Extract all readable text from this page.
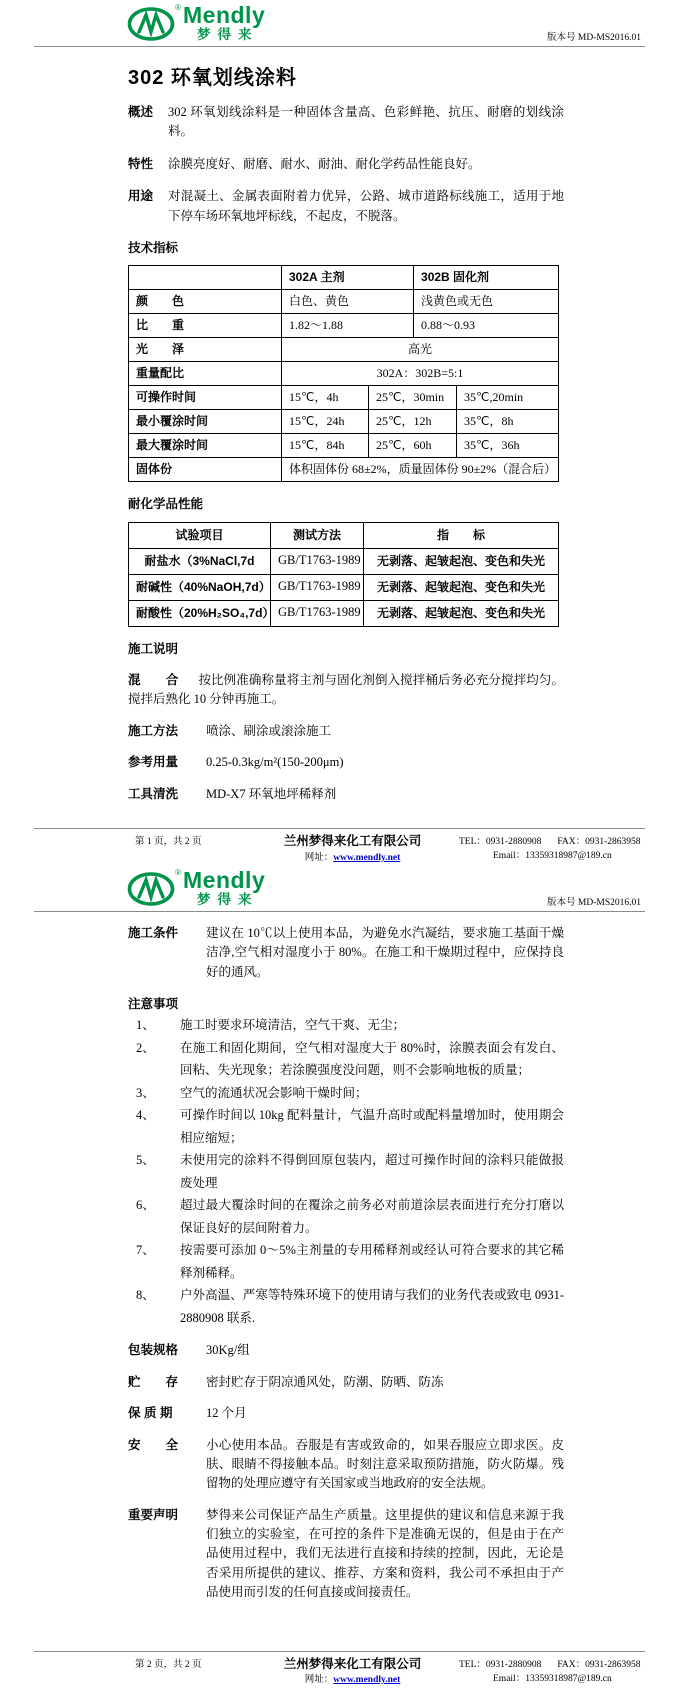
® Mendly
梦得来	版本号 MD-MS2016.01
302 环氧划线涂料
概述	302 环氧划线涂料是一种固体含量高、色彩鲜艳、抗压、耐磨的划线涂料。
特性	涂膜亮度好、耐磨、耐水、耐油、耐化学药品性能良好。
用途	对混凝土、金属表面附着力优异，公路、城市道路标线施工，适用于地下停车场环氧地坪标线，不起皮，不脱落。
技术指标
	302A 主剂		302B 固化剂	
颜　　色	白色、黄色		浅黄色或无色	
比　　重	1.82～1.88		0.88～0.93	
光　　泽	高光			
重量配比	302A：302B=5:1			
可操作时间	15℃，4h	25℃，30min		35℃,20min
最小覆涂时间	15℃，24h	25℃，12h		35℃，8h
最大覆涂时间	15℃，84h	25℃，60h		35℃，36h
固体份	体积固体份 68±2%，质量固体份 90±2%（混合后）			
耐化学品性能
试验项目	测试方法	指　　标
耐盐水（3%NaCl,7d	GB/T1763-1989	无剥落、起皱起泡、变色和失光
耐碱性（40%NaOH,7d）	GB/T1763-1989	无剥落、起皱起泡、变色和失光
耐酸性（20%H₂SO₄,7d）	GB/T1763-1989	无剥落、起皱起泡、变色和失光
施工说明
混　　合 按比例准确称量将主剂与固化剂倒入搅拌桶后务必充分搅拌均匀。搅拌后熟化 10 分钟再施工。
施工方法	喷涂、刷涂或滚涂施工
参考用量	0.25-0.3kg/m²(150-200μm)
工具清洗	MD-X7 环氧地坪稀释剂
第 1 页，共 2 页	兰州梦得来化工有限公司
网址：www.mendly.net
TEL：0931-2880908 FAX：0931-2863958
Email：13359318987@189.cn
® Mendly
梦得来	版本号 MD-MS2016.01
施工条件	建议在 10℃以上使用本品，为避免水汽凝结，要求施工基面干燥洁净,空气相对湿度小于 80%。在施工和干燥期过程中，应保持良好的通风。
注意事项
1、	施工时要求环境清洁，空气干爽、无尘；
2、	在施工和固化期间，空气相对湿度大于 80%时，涂膜表面会有发白、回粘、失光现象；若涂膜强度没问题，则不会影响地板的质量；
3、	空气的流通状况会影响干燥时间；
4、	可操作时间以 10kg 配料量计，气温升高时或配料量增加时，使用期会相应缩短；
5、	未使用完的涂料不得倒回原包装内，超过可操作时间的涂料只能做报废处理
6、	超过最大覆涂时间的在覆涂之前务必对前道涂层表面进行充分打磨以保证良好的层间附着力。
7、	按需要可添加 0～5%主剂量的专用稀释剂或经认可符合要求的其它稀释剂稀释。
8、	户外高温、严寒等特殊环境下的使用请与我们的业务代表或致电 0931-2880908 联系.
包装规格	30Kg/组
贮　　存	密封贮存于阴凉通风处，防潮、防晒、防冻
保 质 期	12 个月
安　　全	小心使用本品。吞服是有害或致命的，如果吞服应立即求医。皮肤、眼睛不得接触本品。时刻注意采取预防措施，防火防爆。残留物的处理应遵守有关国家或当地政府的安全法规。
重要声明	梦得来公司保证产品生产质量。这里提供的建议和信息来源于我们独立的实验室，在可控的条件下是准确无误的，但是由于在产品使用过程中，我们无法进行直接和持续的控制，因此，无论是否采用所提供的建议、推荐、方案和资料，我公司不承担由于产品使用而引发的任何直接或间接责任。
第 2 页，共 2 页	兰州梦得来化工有限公司
网址：www.mendly.net
TEL：0931-2880908 FAX：0931-2863958
Email：13359318987@189.cn
